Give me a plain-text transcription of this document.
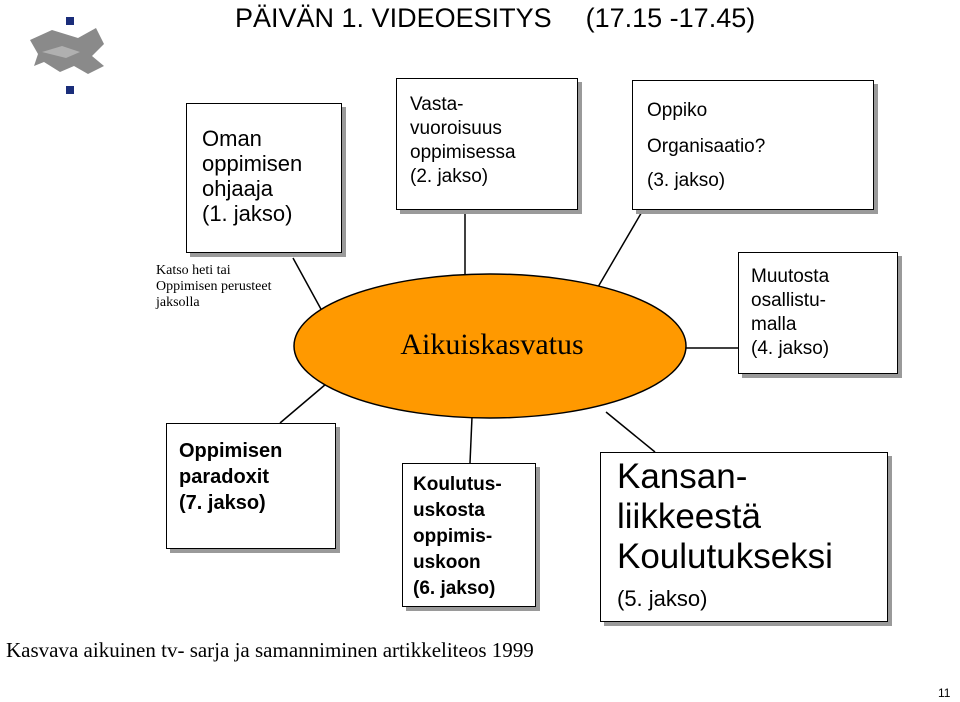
PÄIVÄN 1. VIDEOESITYS (17.15 -17.45)
Aikuiskasvatus
Oman
oppimisen
ohjaaja
(1. jakso)
Vasta-
vuoroisuus
oppimisessa
(2. jakso)
Oppiko
Organisaatio?
(3. jakso)
Muutosta
osallistu-
malla
(4. jakso)
Oppimisen
paradoxit
(7. jakso)
Koulutus-
uskosta
oppimis-
uskoon
(6. jakso)
Kansan-
liikkeestä
Koulutukseksi
(5. jakso)
Katso heti tai
Oppimisen perusteet
jaksolla
Kasvava aikuinen tv- sarja ja samanniminen artikkeliteos 1999
11
